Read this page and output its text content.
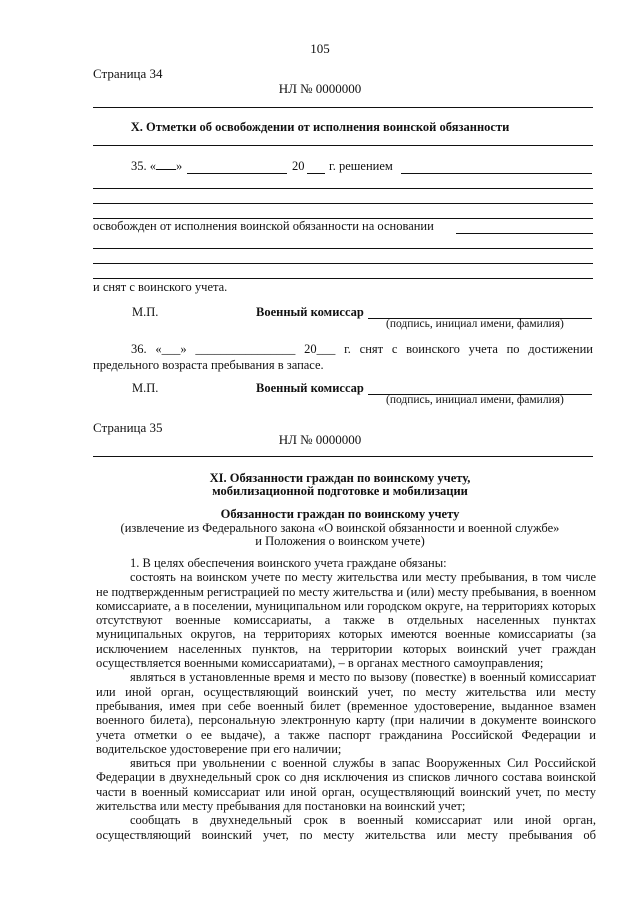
105
Страница 34
НЛ № 0000000
X. Отметки об освобождении от исполнения воинской обязанности
35. « »	20 г. решением
освобожден от исполнения воинской обязанности на основании
и снят с воинского учета.
М.П.	Военный комиссар
(подпись, инициал имени, фамилия)
36. «___» ________________ 20___ г. снят с воинского учета по достижении
предельного возраста пребывания в запасе.
М.П.	Военный комиссар
(подпись, инициал имени, фамилия)
Страница 35
НЛ № 0000000
XI. Обязанности граждан по воинскому учету,
мобилизационной подготовке и мобилизации
Обязанности граждан по воинскому учету
(извлечение из Федерального закона «О воинской обязанности и военной службе»
и Положения о воинском учете)

1. В целях обеспечения воинского учета граждане обязаны:

состоять на воинском учете по месту жительства или месту пребывания, в том числе не подтвержденным регистрацией по месту жительства и (или) месту пребывания, в военном комиссариате, а в поселении, муниципальном или городском округе, на территориях которых отсутствуют военные комиссариаты, а также в отдельных населенных пунктах муниципальных округов, на территориях которых имеются военные комиссариаты (за исключением населенных пунктов, на территории которых воинский учет граждан осуществляется военными комиссариатами), – в органах местного самоуправления;

являться в установленные время и место по вызову (повестке) в военный комиссариат или иной орган, осуществляющий воинский учет, по месту жительства или месту пребывания, имея при себе военный билет (временное удостоверение, выданное взамен военного билета), персональную электронную карту (при наличии в документе воинского учета отметки о ее выдаче), а также паспорт гражданина Российской Федерации и водительское удостоверение при его наличии;

явиться при увольнении с военной службы в запас Вооруженных Сил Российской Федерации в двухнедельный срок со дня исключения из списков личного состава воинской части в военный комиссариат или иной орган, осуществляющий воинский учет, по месту жительства или месту пребывания для постановки на воинский учет;

сообщать в двухнедельный срок в военный комиссариат или иной орган, осуществляющий воинский учет, по месту жительства или месту пребывания об
